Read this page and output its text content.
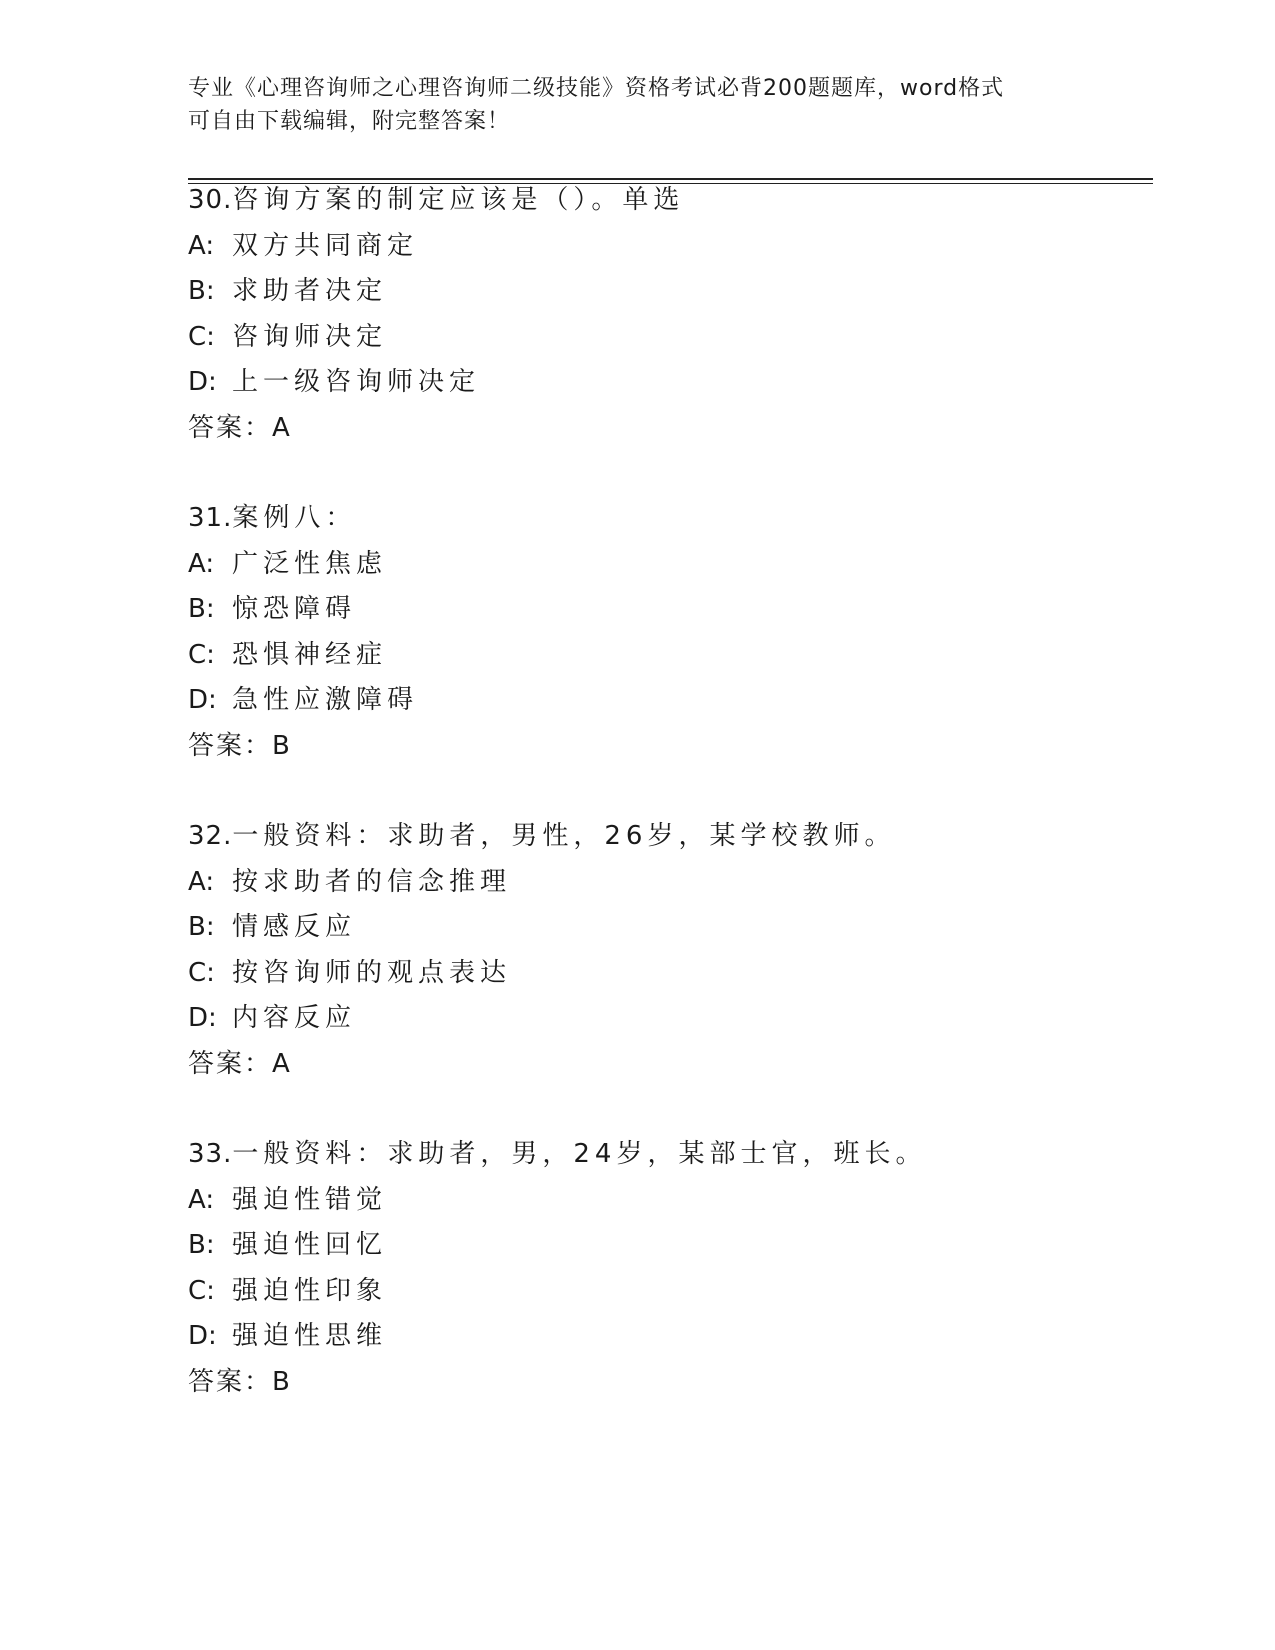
专业《心理咨询师之心理咨询师二级技能》资格考试必背200题题库，word格式
可自由下载编辑，附完整答案！
30.咨询方案的制定应该是（）。单选
A: 双方共同商定
B: 求助者决定
C: 咨询师决定
D: 上一级咨询师决定
答案：A
31.案例八：
A: 广泛性焦虑
B: 惊恐障碍
C: 恐惧神经症
D: 急性应激障碍
答案：B
32.一般资料：求助者，男性，26岁，某学校教师。
A: 按求助者的信念推理
B: 情感反应
C: 按咨询师的观点表达
D: 内容反应
答案：A
33.一般资料：求助者，男，24岁，某部士官，班长。
A: 强迫性错觉
B: 强迫性回忆
C: 强迫性印象
D: 强迫性思维
答案：B
